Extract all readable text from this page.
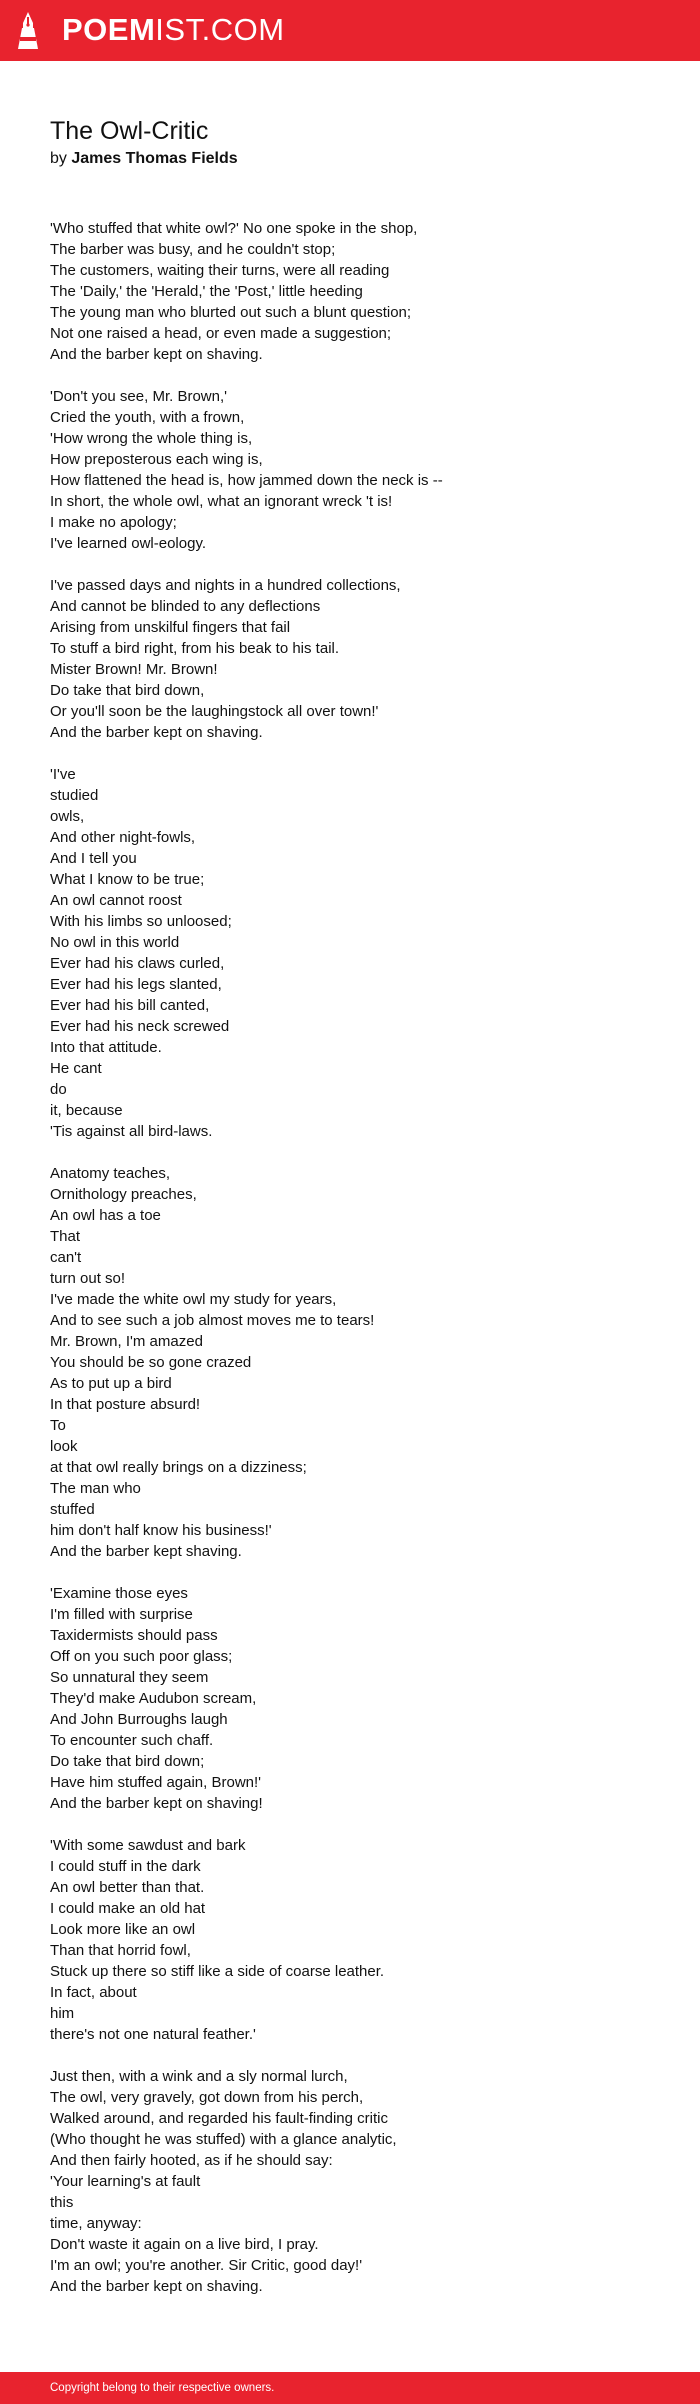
POEMIST.COM
The Owl-Critic
by James Thomas Fields
'Who stuffed that white owl?' No one spoke in the shop,
The barber was busy, and he couldn't stop;
The customers, waiting their turns, were all reading
The 'Daily,' the 'Herald,' the 'Post,' little heeding
The young man who blurted out such a blunt question;
Not one raised a head, or even made a suggestion;
And the barber kept on shaving.
'Don't you see, Mr. Brown,'
Cried the youth, with a frown,
'How wrong the whole thing is,
How preposterous each wing is,
How flattened the head is, how jammed down the neck is --
In short, the whole owl, what an ignorant wreck 't is!
I make no apology;
I've learned owl-eology.
I've passed days and nights in a hundred collections,
And cannot be blinded to any deflections
Arising from unskilful fingers that fail
To stuff a bird right, from his beak to his tail.
Mister Brown! Mr. Brown!
Do take that bird down,
Or you'll soon be the laughingstock all over town!'
And the barber kept on shaving.
'I've
studied
owls,
And other night-fowls,
And I tell you
What I know to be true;
An owl cannot roost
With his limbs so unloosed;
No owl in this world
Ever had his claws curled,
Ever had his legs slanted,
Ever had his bill canted,
Ever had his neck screwed
Into that attitude.
He cant
do
it, because
'Tis against all bird-laws.
Anatomy teaches,
Ornithology preaches,
An owl has a toe
That
can't
turn out so!
I've made the white owl my study for years,
And to see such a job almost moves me to tears!
Mr. Brown, I'm amazed
You should be so gone crazed
As to put up a bird
In that posture absurd!
To
look
at that owl really brings on a dizziness;
The man who
stuffed
him don't half know his business!'
And the barber kept shaving.
'Examine those eyes
I'm filled with surprise
Taxidermists should pass
Off on you such poor glass;
So unnatural they seem
They'd make Audubon scream,
And John Burroughs laugh
To encounter such chaff.
Do take that bird down;
Have him stuffed again, Brown!'
And the barber kept on shaving!
'With some sawdust and bark
I could stuff in the dark
An owl better than that.
I could make an old hat
Look more like an owl
Than that horrid fowl,
Stuck up there so stiff like a side of coarse leather.
In fact, about
him
there's not one natural feather.'
Just then, with a wink and a sly normal lurch,
The owl, very gravely, got down from his perch,
Walked around, and regarded his fault-finding critic
(Who thought he was stuffed) with a glance analytic,
And then fairly hooted, as if he should say:
'Your learning's at fault
this
time, anyway:
Don't waste it again on a live bird, I pray.
I'm an owl; you're another. Sir Critic, good day!'
And the barber kept on shaving.
Copyright belong to their respective owners.
